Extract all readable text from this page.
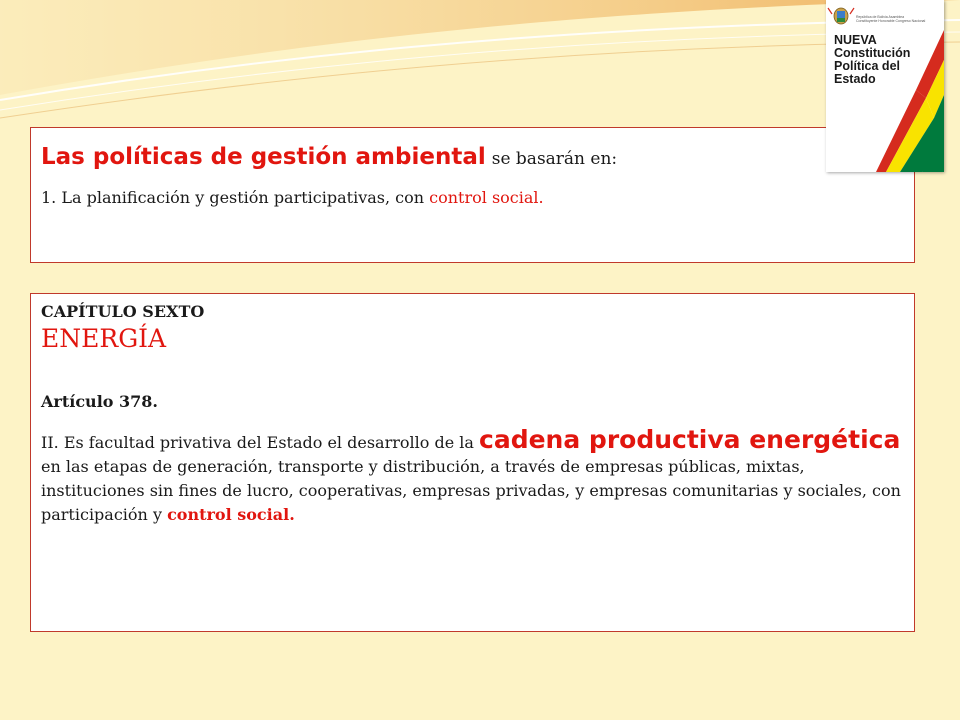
Las políticas de gestión ambiental se basarán en:
1. La planificación y gestión participativas, con control social.
CAPÍTULO SEXTO
ENERGÍA
Artículo 378.
II. Es facultad privativa del Estado el desarrollo de la cadena productiva energética en las etapas de generación, transporte y distribución, a través de empresas públicas, mixtas, instituciones sin fines de lucro, cooperativas, empresas privadas, y empresas comunitarias y sociales, con participación y control social.
República de Bolivia Asamblea Constituyente Honorable Congreso Nacional
NUEVA Constitución Política del Estado
